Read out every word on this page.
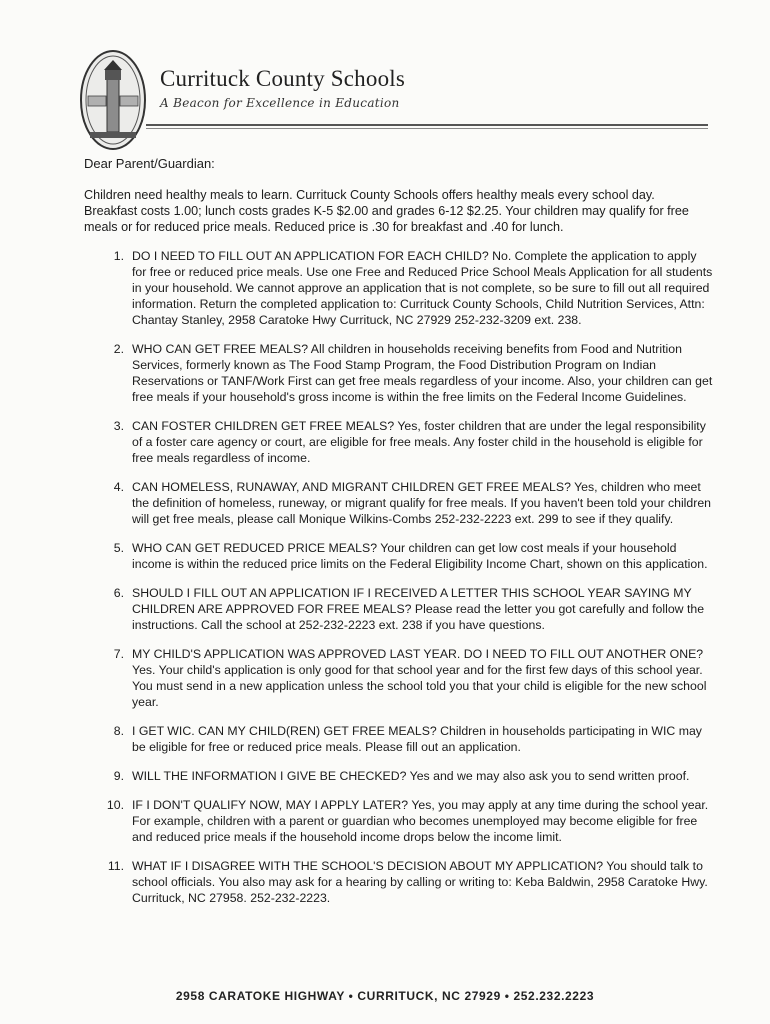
Currituck County Schools
A Beacon for Excellence in Education
Dear Parent/Guardian:
Children need healthy meals to learn. Currituck County Schools offers healthy meals every school day. Breakfast costs 1.00; lunch costs grades K-5 $2.00 and grades 6-12 $2.25. Your children may qualify for free meals or for reduced price meals. Reduced price is .30 for breakfast and .40 for lunch.
1. DO I NEED TO FILL OUT AN APPLICATION FOR EACH CHILD? No. Complete the application to apply for free or reduced price meals. Use one Free and Reduced Price School Meals Application for all students in your household. We cannot approve an application that is not complete, so be sure to fill out all required information. Return the completed application to: Currituck County Schools, Child Nutrition Services, Attn: Chantay Stanley, 2958 Caratoke Hwy Currituck, NC 27929 252-232-3209 ext. 238.
2. WHO CAN GET FREE MEALS? All children in households receiving benefits from Food and Nutrition Services, formerly known as The Food Stamp Program, the Food Distribution Program on Indian Reservations or TANF/Work First can get free meals regardless of your income. Also, your children can get free meals if your household's gross income is within the free limits on the Federal Income Guidelines.
3. CAN FOSTER CHILDREN GET FREE MEALS? Yes, foster children that are under the legal responsibility of a foster care agency or court, are eligible for free meals. Any foster child in the household is eligible for free meals regardless of income.
4. CAN HOMELESS, RUNAWAY, AND MIGRANT CHILDREN GET FREE MEALS? Yes, children who meet the definition of homeless, runeway, or migrant qualify for free meals. If you haven't been told your children will get free meals, please call Monique Wilkins-Combs 252-232-2223 ext. 299 to see if they qualify.
5. WHO CAN GET REDUCED PRICE MEALS? Your children can get low cost meals if your household income is within the reduced price limits on the Federal Eligibility Income Chart, shown on this application.
6. SHOULD I FILL OUT AN APPLICATION IF I RECEIVED A LETTER THIS SCHOOL YEAR SAYING MY CHILDREN ARE APPROVED FOR FREE MEALS? Please read the letter you got carefully and follow the instructions. Call the school at 252-232-2223 ext. 238 if you have questions.
7. MY CHILD'S APPLICATION WAS APPROVED LAST YEAR. DO I NEED TO FILL OUT ANOTHER ONE? Yes. Your child's application is only good for that school year and for the first few days of this school year. You must send in a new application unless the school told you that your child is eligible for the new school year.
8. I GET WIC. CAN MY CHILD(REN) GET FREE MEALS? Children in households participating in WIC may be eligible for free or reduced price meals. Please fill out an application.
9. WILL THE INFORMATION I GIVE BE CHECKED? Yes and we may also ask you to send written proof.
10. IF I DON'T QUALIFY NOW, MAY I APPLY LATER? Yes, you may apply at any time during the school year. For example, children with a parent or guardian who becomes unemployed may become eligible for free and reduced price meals if the household income drops below the income limit.
11. WHAT IF I DISAGREE WITH THE SCHOOL'S DECISION ABOUT MY APPLICATION? You should talk to school officials. You also may ask for a hearing by calling or writing to: Keba Baldwin, 2958 Caratoke Hwy. Currituck, NC 27958. 252-232-2223.
2958 CARATOKE HIGHWAY • CURRITUCK, NC 27929 • 252.232.2223
